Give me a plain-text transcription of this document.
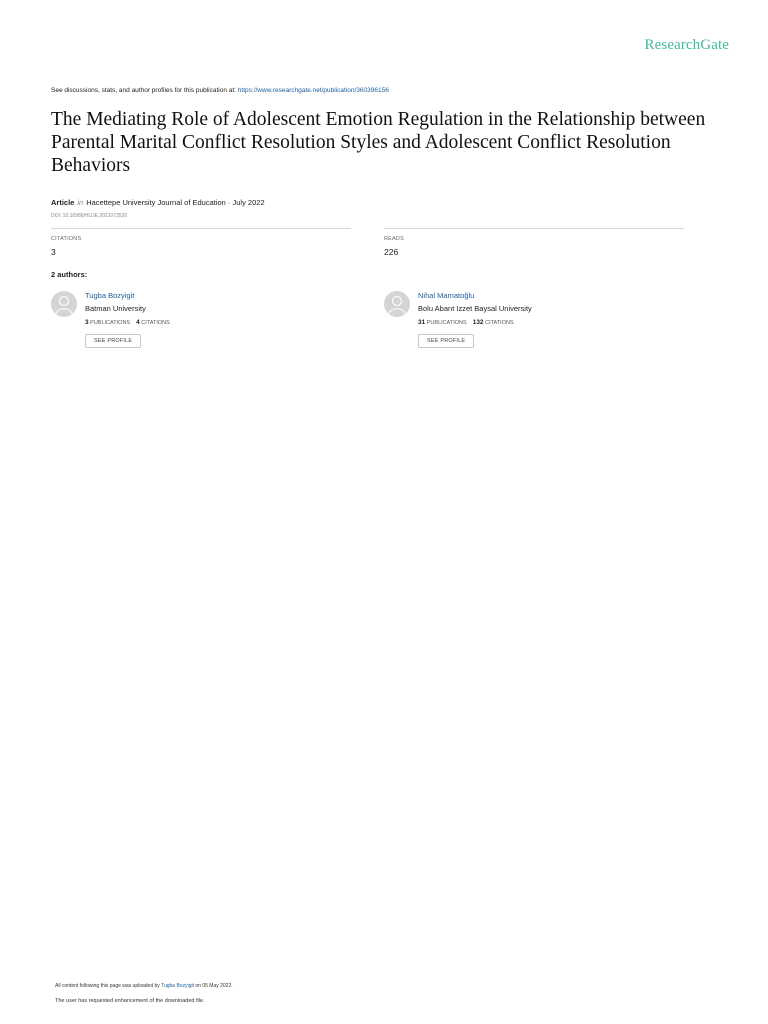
ResearchGate
See discussions, stats, and author profiles for this publication at: https://www.researchgate.net/publication/360396156
The Mediating Role of Adolescent Emotion Regulation in the Relationship between Parental Marital Conflict Resolution Styles and Adolescent Conflict Resolution Behaviors
Article in Hacettepe University Journal of Education · July 2022
DOI: 10.16986/HUJE.2021073520
CITATIONS
3
READS
226
2 authors:
Tugba Bozyigit
Batman University
3 PUBLICATIONS 4 CITATIONS
SEE PROFILE
Nihal Mamatoğlu
Bolu Abant Izzet Baysal University
31 PUBLICATIONS 132 CITATIONS
SEE PROFILE
All content following this page was uploaded by Tugba Bozyigit on 05 May 2022.
The user has requested enhancement of the downloaded file.
